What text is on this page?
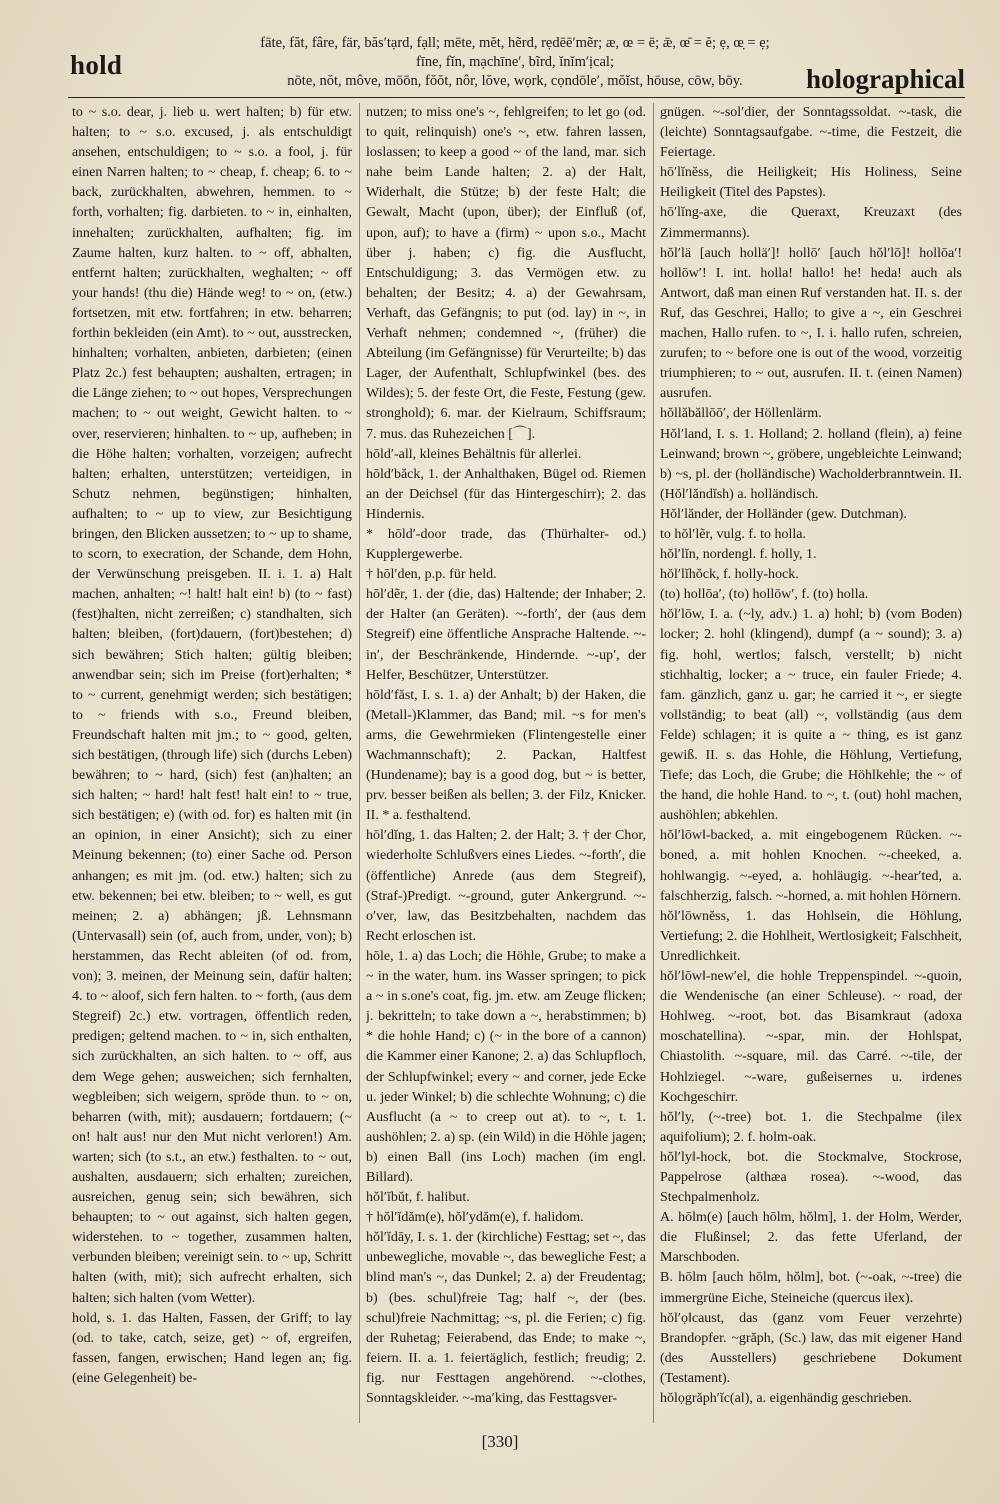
hold
fāte, făt, fâre, fär, băs′tạrd, fạll; mēte, mĕt, hẽrd, rẹdēē′mẽr; æ, œ = ē; ǣ, œ̄ = ĕ; ẹ, œ̣ = ẹ;
fīne, fĭn, mạchīne′, bĩrd, ĭnĭm′ịcal;
nōte, nŏt, môve, mōōn, fŏŏt, nôr, lŏve, wọrk, cọndōle′, mŏĭst, hōuse, cōw, bōy.	holographical

to ~ s.o. dear, j. lieb u. wert halten; b) für etw. halten; to ~ s.o. excused, j. als entschuldigt ansehen, entschuldigen; to ~ s.o. a fool, j. für einen Narren halten; to ~ cheap, f. cheap; 6. to ~ back, zurückhalten, abwehren, hemmen. to ~ forth, vorhalten; fig. darbieten. to ~ in, einhalten, innehalten; zurückhalten, aufhalten; fig. im Zaume halten, kurz halten. to ~ off, abhalten, entfernt halten; zurückhalten, weghalten; ~ off your hands! (thu die) Hände weg! to ~ on, (etw.) fortsetzen, mit etw. fortfahren; in etw. beharren; forthin bekleiden (ein Amt). to ~ out, ausstrecken, hinhalten; vorhalten, anbieten, darbieten; (einen Platz 2c.) fest behaupten; aushalten, ertragen; in die Länge ziehen; to ~ out hopes, Versprechungen machen; to ~ out weight, Gewicht halten. to ~ over, reservieren; hinhalten. to ~ up, aufheben; in die Höhe halten; vorhalten, vorzeigen; aufrecht halten; erhalten, unterstützen; verteidigen, in Schutz nehmen, begünstigen; hinhalten, aufhalten; to ~ up to view, zur Besichtigung bringen, den Blicken aussetzen; to ~ up to shame, to scorn, to execration, der Schande, dem Hohn, der Verwünschung preisgeben. II. i. 1. a) Halt machen, anhalten; ~! halt! halt ein! b) (to ~ fast) (fest)halten, nicht zerreißen; c) standhalten, sich halten; bleiben, (fort)dauern, (fort)bestehen; d) sich bewähren; Stich halten; gültig bleiben; anwendbar sein; sich im Preise (fort)erhalten; * to ~ current, genehmigt werden; sich bestätigen; to ~ friends with s.o., Freund bleiben, Freundschaft halten mit jm.; to ~ good, gelten, sich bestätigen, (through life) sich (durchs Leben) bewähren; to ~ hard, (sich) fest (an)halten; an sich halten; ~ hard! halt fest! halt ein! to ~ true, sich bestätigen; e) (with od. for) es halten mit (in an opinion, in einer Ansicht); sich zu einer Meinung bekennen; (to) einer Sache od. Person anhangen; es mit jm. (od. etw.) halten; sich zu etw. bekennen; bei etw. bleiben; to ~ well, es gut meinen; 2. a) abhängen; jß. Lehnsmann (Untervasall) sein (of, auch from, under, von); b) herstammen, das Recht ableiten (of od. from, von); 3. meinen, der Meinung sein, dafür halten; 4. to ~ aloof, sich fern halten. to ~ forth, (aus dem Stegreif) 2c.) etw. vortragen, öffentlich reden, predigen; geltend machen. to ~ in, sich enthalten, sich zurückhalten, an sich halten. to ~ off, aus dem Wege gehen; ausweichen; sich fernhalten, wegbleiben; sich weigern, spröde thun. to ~ on, beharren (with, mit); ausdauern; fortdauern; (~ on! halt aus! nur den Mut nicht verloren!) Am. warten; sich (to s.t., an etw.) festhalten. to ~ out, aushalten, ausdauern; sich erhalten; zureichen, ausreichen, genug sein; sich bewähren, sich behaupten; to ~ out against, sich halten gegen, widerstehen. to ~ together, zusammen halten, verbunden bleiben; vereinigt sein. to ~ up, Schritt halten (with, mit); sich aufrecht erhalten, sich halten; sich halten (vom Wetter).

hold, s. 1. das Halten, Fassen, der Griff; to lay (od. to take, catch, seize, get) ~ of, ergreifen, fassen, fangen, erwischen; Hand legen an; fig. (eine Gelegenheit) be-

nutzen; to miss one's ~, fehlgreifen; to let go (od. to quit, relinquish) one's ~, etw. fahren lassen, loslassen; to keep a good ~ of the land, mar. sich nahe beim Lande halten; 2. a) der Halt, Widerhalt, die Stütze; b) der feste Halt; die Gewalt, Macht (upon, über); der Einfluß (of, upon, auf); to have a (firm) ~ upon s.o., Macht über j. haben; c) fig. die Ausflucht, Entschuldigung; 3. das Vermögen etw. zu behalten; der Besitz; 4. a) der Gewahrsam, Verhaft, das Gefängnis; to put (od. lay) in ~, in Verhaft nehmen; condemned ~, (früher) die Abteilung (im Gefängnisse) für Verurteilte; b) das Lager, der Aufenthalt, Schlupfwinkel (bes. des Wildes); 5. der feste Ort, die Feste, Festung (gew. stronghold); 6. mar. der Kielraum, Schiffsraum; 7. mus. das Ruhezeichen [⌒].

hōld′-all, kleines Behältnis für allerlei.

hōld′băck, 1. der Anhalthaken, Bügel od. Riemen an der Deichsel (für das Hintergeschirr); 2. das Hindernis.

* hōld′-door trade, das (Thürhalter- od.) Kupplergewerbe.

† hōl′den, p.p. für held.

hōl′dẽr, 1. der (die, das) Haltende; der Inhaber; 2. der Halter (an Geräten). ~-forth′, der (aus dem Stegreif) eine öffentliche Ansprache Haltende. ~-in′, der Beschränkende, Hindernde. ~-up′, der Helfer, Beschützer, Unterstützer.

hōld′făst, I. s. 1. a) der Anhalt; b) der Haken, die (Metall-)Klammer, das Band; mil. ~s for men's arms, die Gewehrmieken (Flintengestelle einer Wachmannschaft); 2. Packan, Haltfest (Hundename); bay is a good dog, but ~ is better, prv. besser beißen als bellen; 3. der Filz, Knicker. II. * a. festhaltend.

hōl′dĭng, 1. das Halten; 2. der Halt; 3. † der Chor, wiederholte Schlußvers eines Liedes. ~-forth′, die (öffentliche) Anrede (aus dem Stegreif), (Straf-)Predigt. ~-ground, guter Ankergrund. ~-o′ver, law, das Besitzbehalten, nachdem das Recht erloschen ist.

hōle, 1. a) das Loch; die Höhle, Grube; to make a ~ in the water, hum. ins Wasser springen; to pick a ~ in s.one's coat, fig. jm. etw. am Zeuge flicken; j. bekritteln; to take down a ~, herabstimmen; b) * die hohle Hand; c) (~ in the bore of a cannon) die Kammer einer Kanone; 2. a) das Schlupfloch, der Schlupfwinkel; every ~ and corner, jede Ecke u. jeder Winkel; b) die schlechte Wohnung; c) die Ausflucht (a ~ to creep out at). to ~, t. 1. aushöhlen; 2. a) sp. (ein Wild) in die Höhle jagen; b) einen Ball (ins Loch) machen (im engl. Billard).

hŏl′ĭbŭt, f. halibut.

† hŏl′ĭdăm(e), hŏl′ydăm(e), f. halidom.

hŏl′ĭdāy, I. s. 1. der (kirchliche) Festtag; set ~, das unbewegliche, movable ~, das bewegliche Fest; a blind man's ~, das Dunkel; 2. a) der Freudentag; b) (bes. schul)freie Tag; half ~, der (bes. schul)freie Nachmittag; ~s, pl. die Ferien; c) fig. der Ruhetag; Feierabend, das Ende; to make ~, feiern. II. a. 1. feiertäglich, festlich; freudig; 2. fig. nur Festtagen angehörend. ~-clothes, Sonntagskleider. ~-ma′king, das Festtagsver-

gnügen. ~-sol′dier, der Sonntagssoldat. ~-task, die (leichte) Sonntagsaufgabe. ~-time, die Festzeit, die Feiertage.

hō′lĭnĕss, die Heiligkeit; His Holiness, Seine Heiligkeit (Titel des Papstes).

hō′lĭng-axe, die Queraxt, Kreuzaxt (des Zimmermanns).

hŏl′lä [auch hollä′]! hollō′ [auch hŏl′lō]! hollōa′! hollōw′! I. int. holla! hallo! he! heda! auch als Antwort, daß man einen Ruf verstanden hat. II. s. der Ruf, das Geschrei, Hallo; to give a ~, ein Geschrei machen, Hallo rufen. to ~, I. i. hallo rufen, schreien, zurufen; to ~ before one is out of the wood, vorzeitig triumphieren; to ~ out, ausrufen. II. t. (einen Namen) ausrufen.

hŏllăbăllōō′, der Höllenlärm.

Hŏl′land, I. s. 1. Holland; 2. holland (flein), a) feine Leinwand; brown ~, gröbere, ungebleichte Leinwand; b) ~s, pl. der (holländische) Wacholderbranntwein. II. (Hŏl′lăndĭsh) a. holländisch.

Hŏl′lănder, der Holländer (gew. Dutchman).

to hŏl′lẽr, vulg. f. to holla.

hŏl′lĭn, nordengl. f. holly, 1.

hŏl′lĭhŏck, f. holly-hock.

(to) hollōa′, (to) hollōw′, f. (to) holla.

hŏl′lōw, I. a. (~ly, adv.) 1. a) hohl; b) (vom Boden) locker; 2. hohl (klingend), dumpf (a ~ sound); 3. a) fig. hohl, wertlos; falsch, verstellt; b) nicht stichhaltig, locker; a ~ truce, ein fauler Friede; 4. fam. gänzlich, ganz u. gar; he carried it ~, er siegte vollständig; to beat (all) ~, vollständig (aus dem Felde) schlagen; it is quite a ~ thing, es ist ganz gewiß. II. s. das Hohle, die Höhlung, Vertiefung, Tiefe; das Loch, die Grube; die Höhlkehle; the ~ of the hand, die hohle Hand. to ~, t. (out) hohl machen, aushöhlen; abkehlen.

hŏl′lōw‖-backed, a. mit eingebogenem Rücken. ~-boned, a. mit hohlen Knochen. ~-cheeked, a. hohlwangig. ~-eyed, a. hohläugig. ~-hear′ted, a. falschherzig, falsch. ~-horned, a. mit hohlen Hörnern.

hŏl′lōwnĕss, 1. das Hohlsein, die Höhlung, Vertiefung; 2. die Hohlheit, Wertlosigkeit; Falschheit, Unredlichkeit.

hŏl′lōw‖-new′el, die hohle Treppenspindel. ~-quoin, die Wendenische (an einer Schleuse). ~ road, der Hohlweg. ~-root, bot. das Bisamkraut (adoxa moschatellina). ~-spar, min. der Hohlspat, Chiastolith. ~-square, mil. das Carré. ~-tile, der Hohlziegel. ~-ware, gußeisernes u. irdenes Kochgeschirr.

hŏl′ly, (~-tree) bot. 1. die Stechpalme (ilex aquifolium); 2. f. holm-oak.

hŏl′ly‖-hock, bot. die Stockmalve, Stockrose, Pappelrose (althæa rosea). ~-wood, das Stechpalmenholz.

A. hōlm(e) [auch hōlm, hŏlm], 1. der Holm, Werder, die Flußinsel; 2. das fette Uferland, der Marschboden.

B. hōlm [auch hōlm, hŏlm], bot. (~-oak, ~-tree) die immergrüne Eiche, Steineiche (quercus ilex).

hŏl′ọ‖caust, das (ganz vom Feuer verzehrte) Brandopfer. ~grăph, (Sc.) law, das mit eigener Hand (des Ausstellers) geschriebene Dokument (Testament).

hŏlọgrăph′ĭc(al), a. eigenhändig geschrieben.

[330]
